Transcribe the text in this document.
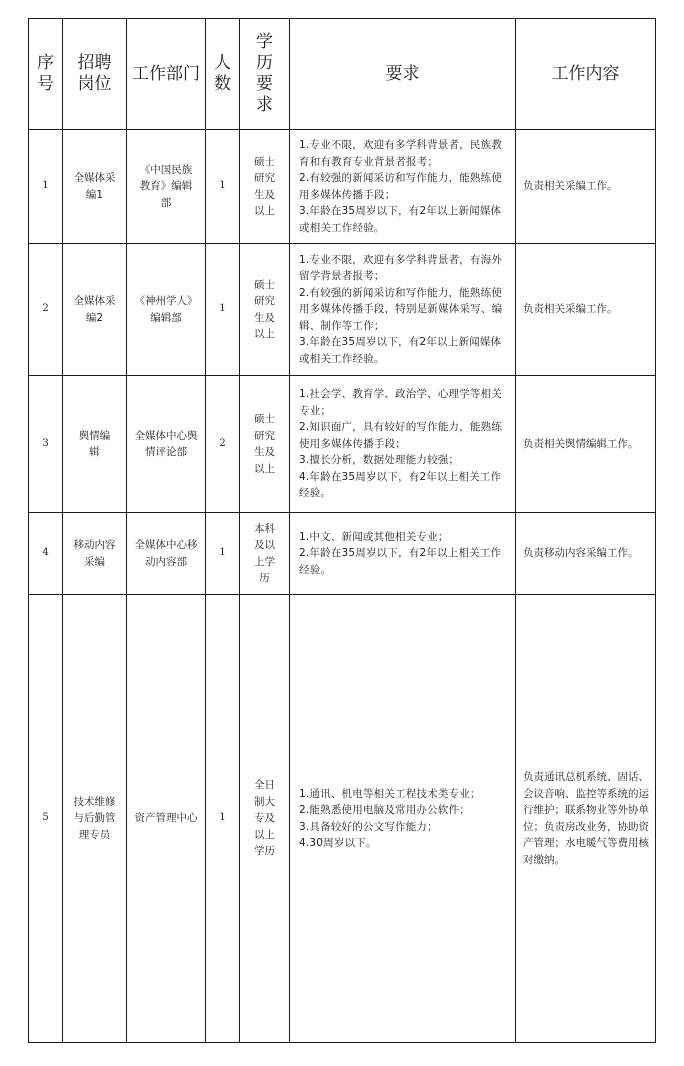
序号	招聘岗位	工作部门	人数	学历要求	要求	工作内容

1	全媒体采编1	《中国民族教育》编辑部	1	硕士研究生及以上	1.专业不限，欢迎有多学科背景者，民族教育和有教育专业背景者报考；
2.有较强的新闻采访和写作能力，能熟练使用多媒体传播手段；
3.年龄在35周岁以下，有2年以上新闻媒体或相关工作经验。	负责相关采编工作。
2	全媒体采编2	《神州学人》编辑部	1	硕士研究生及以上	1.专业不限，欢迎有多学科背景者，有海外留学背景者报考；
2.有较强的新闻采访和写作能力，能熟练使用多媒体传播手段，特别是新媒体采写、编辑、制作等工作；
3.年龄在35周岁以下，有2年以上新闻媒体或相关工作经验。	负责相关采编工作。
3	舆情编辑	全媒体中心舆情评论部	2	硕士研究生及以上	1.社会学、教育学、政治学、心理学等相关专业；
2.知识面广，具有较好的写作能力，能熟练使用多媒体传播手段；
3.擅长分析，数据处理能力较强；
4.年龄在35周岁以下，有2年以上相关工作经验。	负责相关舆情编辑工作。
4	移动内容采编	全媒体中心移动内容部	1	本科及以上学历	1.中文、新闻或其他相关专业；
2.年龄在35周岁以下，有2年以上相关工作经验。	负责移动内容采编工作。
5	技术维修与后勤管理专员	资产管理中心	1	全日制大专及以上学历	1.通讯、机电等相关工程技术类专业；
2.能熟悉使用电脑及常用办公软件；
3.具备较好的公文写作能力；
4.30周岁以下。	负责通讯总机系统、固话、会议音响、监控等系统的运行维护；联系物业等外协单位；负责房改业务，协助资产管理；水电暖气等费用核对缴纳。
